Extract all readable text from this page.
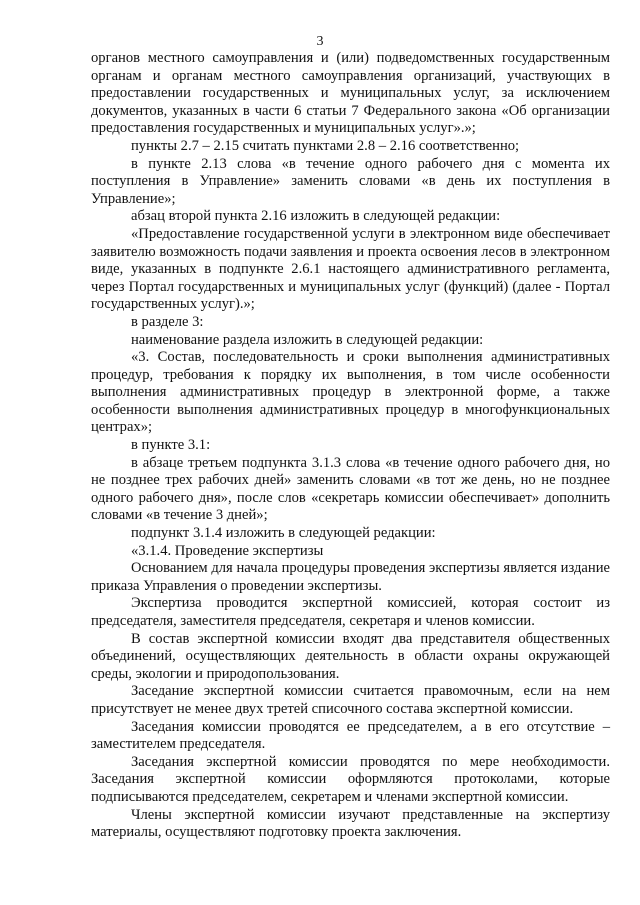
3

органов местного самоуправления и (или) подведомственных государственным органам и органам местного самоуправления организаций, участвующих в предоставлении государственных и муниципальных услуг, за исключением документов, указанных в части 6 статьи 7 Федерального закона «Об организации предоставления государственных и муниципальных услуг».»;

пункты 2.7 – 2.15 считать пунктами 2.8 – 2.16 соответственно;

в пункте 2.13 слова «в течение одного рабочего дня с момента их поступления в Управление» заменить словами «в день их поступления в Управление»;

абзац второй пункта 2.16 изложить в следующей редакции:

«Предоставление государственной услуги в электронном виде обеспечивает заявителю возможность подачи заявления и проекта освоения лесов в электронном виде, указанных в подпункте 2.6.1 настоящего административного регламента, через Портал государственных и муниципальных услуг (функций) (далее - Портал государственных услуг).»;

в разделе 3:

наименование раздела изложить в следующей редакции:

«3. Состав, последовательность и сроки выполнения административных процедур, требования к порядку их выполнения, в том числе особенности выполнения административных процедур в электронной форме, а также особенности выполнения административных процедур в многофункциональных центрах»;

в пункте 3.1:

в абзаце третьем подпункта 3.1.3 слова «в течение одного рабочего дня, но не позднее трех рабочих дней» заменить словами «в тот же день, но не позднее одного рабочего дня», после слов «секретарь комиссии обеспечивает» дополнить словами «в течение 3 дней»;

подпункт 3.1.4 изложить в следующей редакции:

«3.1.4. Проведение экспертизы

Основанием для начала процедуры проведения экспертизы является издание приказа Управления о проведении экспертизы.

Экспертиза проводится экспертной комиссией, которая состоит из председателя, заместителя председателя, секретаря и членов комиссии.

В состав экспертной комиссии входят два представителя общественных объединений, осуществляющих деятельность в области охраны окружающей среды, экологии и природопользования.

Заседание экспертной комиссии считается правомочным, если на нем присутствует не менее двух третей списочного состава экспертной комиссии.

Заседания комиссии проводятся ее председателем, а в его отсутствие – заместителем председателя.

Заседания экспертной комиссии проводятся по мере необходимости. Заседания экспертной комиссии оформляются протоколами, которые подписываются председателем, секретарем и членами экспертной комиссии.

Члены экспертной комиссии изучают представленные на экспертизу материалы, осуществляют подготовку проекта заключения.
